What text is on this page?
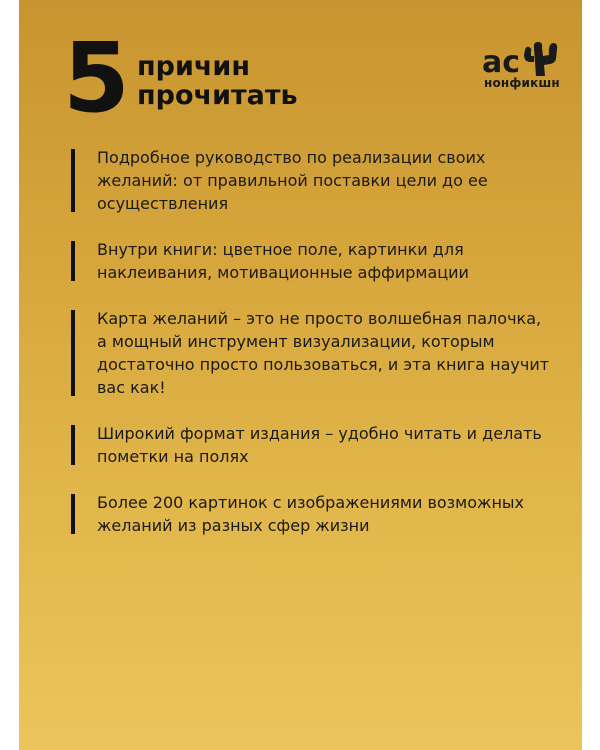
5 причин
прочитать
ас
нонфикшн
Подробное руководство по реализации своих желаний: от правильной поставки цели до ее осуществления
Внутри книги: цветное поле, картинки для наклеивания, мотивационные аффирмации
Карта желаний – это не просто волшебная палочка, а мощный инструмент визуализации, которым достаточно просто пользоваться, и эта книга научит вас как!
Широкий формат издания – удобно читать и делать пометки на полях
Более 200 картинок с изображениями возможных желаний из разных сфер жизни
